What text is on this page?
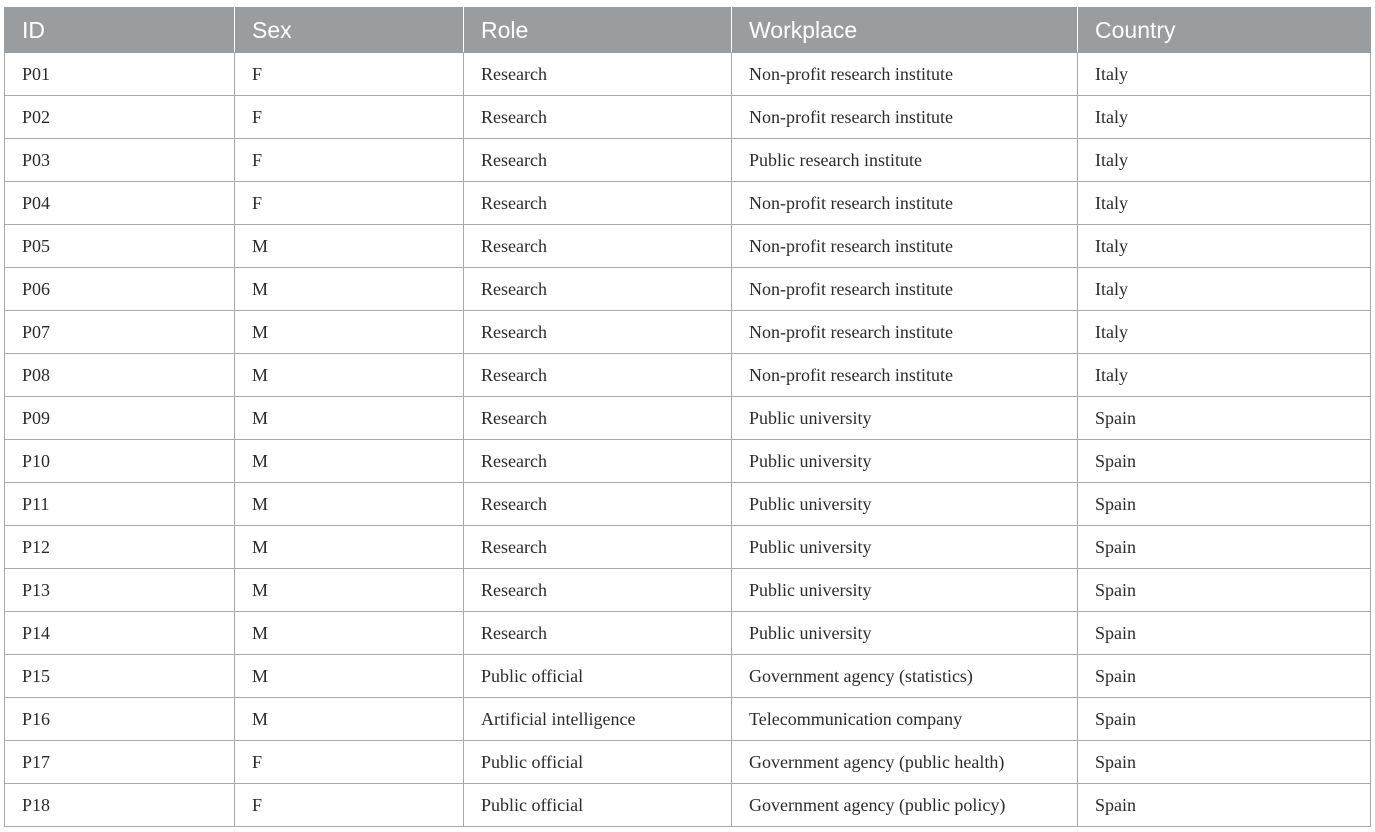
ID	Sex	Role	Workplace	Country
P01	F	Research	Non-profit research institute	Italy
P02	F	Research	Non-profit research institute	Italy
P03	F	Research	Public research institute	Italy
P04	F	Research	Non-profit research institute	Italy
P05	M	Research	Non-profit research institute	Italy
P06	M	Research	Non-profit research institute	Italy
P07	M	Research	Non-profit research institute	Italy
P08	M	Research	Non-profit research institute	Italy
P09	M	Research	Public university	Spain
P10	M	Research	Public university	Spain
P11	M	Research	Public university	Spain
P12	M	Research	Public university	Spain
P13	M	Research	Public university	Spain
P14	M	Research	Public university	Spain
P15	M	Public official	Government agency (statistics)	Spain
P16	M	Artificial intelligence	Telecommunication company	Spain
P17	F	Public official	Government agency (public health)	Spain
P18	F	Public official	Government agency (public policy)	Spain
